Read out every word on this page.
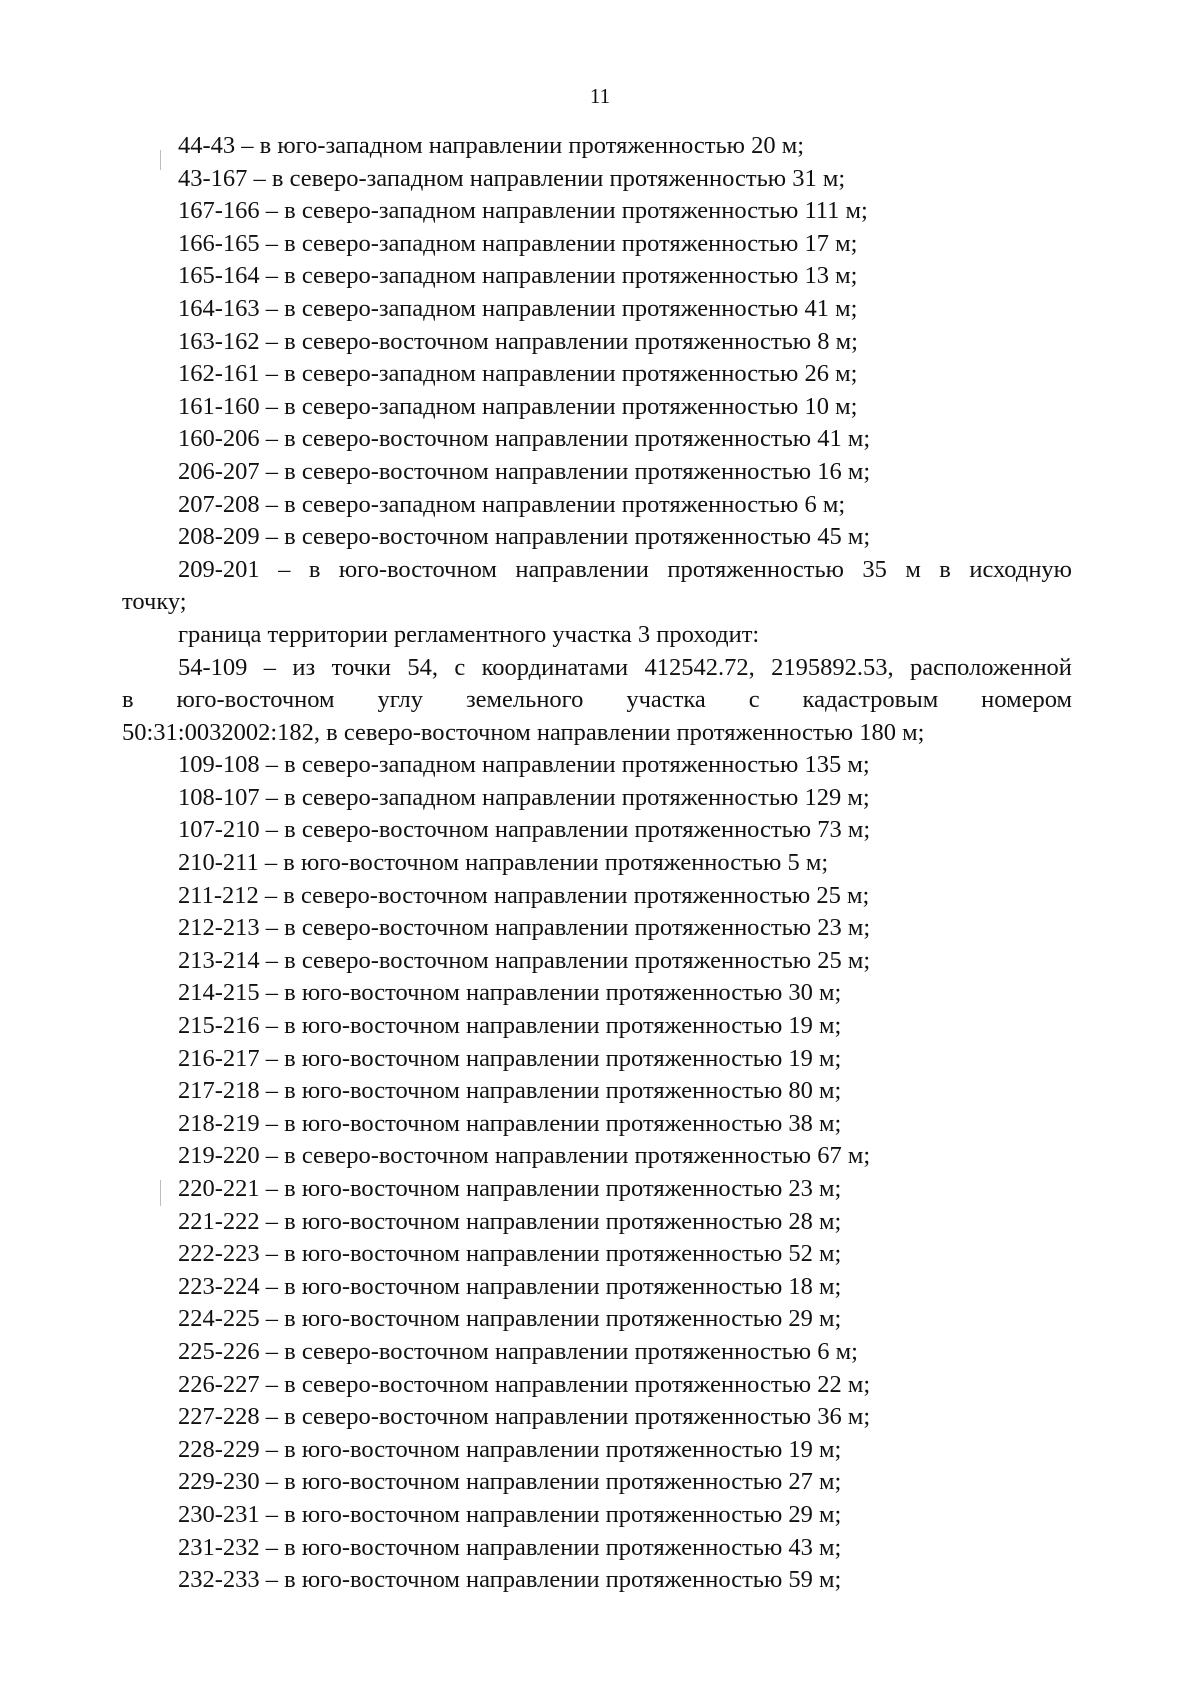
11
44-43 – в юго-западном направлении протяженностью 20 м;
43-167 – в северо-западном направлении протяженностью 31 м;
167-166 – в северо-западном направлении протяженностью 111 м;
166-165 – в северо-западном направлении протяженностью 17 м;
165-164 – в северо-западном направлении протяженностью 13 м;
164-163 – в северо-западном направлении протяженностью 41 м;
163-162 – в северо-восточном направлении протяженностью 8 м;
162-161 – в северо-западном направлении протяженностью 26 м;
161-160 – в северо-западном направлении протяженностью 10 м;
160-206 – в северо-восточном направлении протяженностью 41 м;
206-207 – в северо-восточном направлении протяженностью 16 м;
207-208 – в северо-западном направлении протяженностью 6 м;
208-209 – в северо-восточном направлении протяженностью 45 м;
209-201 – в юго-восточном направлении протяженностью 35 м в исходную
точку;
граница территории регламентного участка 3 проходит:
54-109 – из точки 54, с координатами 412542.72, 2195892.53, расположенной
в юго-восточном углу земельного участка с кадастровым номером
50:31:0032002:182, в северо-восточном направлении протяженностью 180 м;
109-108 – в северо-западном направлении протяженностью 135 м;
108-107 – в северо-западном направлении протяженностью 129 м;
107-210 – в северо-восточном направлении протяженностью 73 м;
210-211 – в юго-восточном направлении протяженностью 5 м;
211-212 – в северо-восточном направлении протяженностью 25 м;
212-213 – в северо-восточном направлении протяженностью 23 м;
213-214 – в северо-восточном направлении протяженностью 25 м;
214-215 – в юго-восточном направлении протяженностью 30 м;
215-216 – в юго-восточном направлении протяженностью 19 м;
216-217 – в юго-восточном направлении протяженностью 19 м;
217-218 – в юго-восточном направлении протяженностью 80 м;
218-219 – в юго-восточном направлении протяженностью 38 м;
219-220 – в северо-восточном направлении протяженностью 67 м;
220-221 – в юго-восточном направлении протяженностью 23 м;
221-222 – в юго-восточном направлении протяженностью 28 м;
222-223 – в юго-восточном направлении протяженностью 52 м;
223-224 – в юго-восточном направлении протяженностью 18 м;
224-225 – в юго-восточном направлении протяженностью 29 м;
225-226 – в северо-восточном направлении протяженностью 6 м;
226-227 – в северо-восточном направлении протяженностью 22 м;
227-228 – в северо-восточном направлении протяженностью 36 м;
228-229 – в юго-восточном направлении протяженностью 19 м;
229-230 – в юго-восточном направлении протяженностью 27 м;
230-231 – в юго-восточном направлении протяженностью 29 м;
231-232 – в юго-восточном направлении протяженностью 43 м;
232-233 – в юго-восточном направлении протяженностью 59 м;
